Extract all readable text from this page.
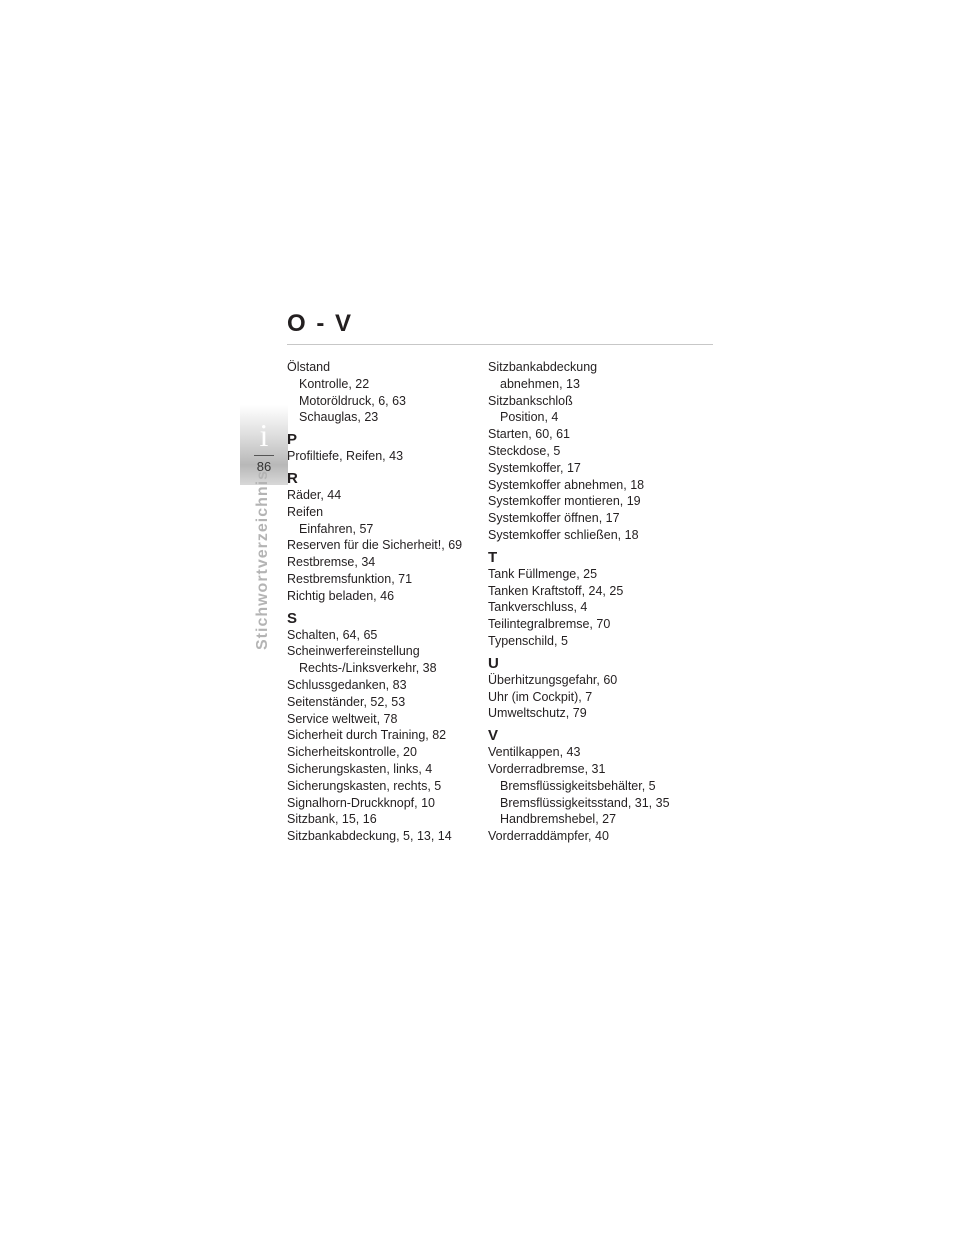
i
86
Stichwortverzeichnis
O - V
Ölstand
Kontrolle, 22
Motoröldruck, 6, 63
Schauglas, 23
P
Profiltiefe, Reifen, 43
R
Räder, 44
Reifen
Einfahren, 57
Reserven für die Sicherheit!, 69
Restbremse, 34
Restbremsfunktion, 71
Richtig beladen, 46
S
Schalten, 64, 65
Scheinwerfereinstellung
Rechts-/Linksverkehr, 38
Schlussgedanken, 83
Seitenständer, 52, 53
Service weltweit, 78
Sicherheit durch Training, 82
Sicherheitskontrolle, 20
Sicherungskasten, links, 4
Sicherungskasten, rechts, 5
Signalhorn-Druckknopf, 10
Sitzbank, 15, 16
Sitzbankabdeckung, 5, 13, 14
Sitzbankabdeckung
abnehmen, 13
Sitzbankschloß
Position, 4
Starten, 60, 61
Steckdose, 5
Systemkoffer, 17
Systemkoffer abnehmen, 18
Systemkoffer montieren, 19
Systemkoffer öffnen, 17
Systemkoffer schließen, 18
T
Tank Füllmenge, 25
Tanken Kraftstoff, 24, 25
Tankverschluss, 4
Teilintegralbremse, 70
Typenschild, 5
U
Überhitzungsgefahr, 60
Uhr (im Cockpit), 7
Umweltschutz, 79
V
Ventilkappen, 43
Vorderradbremse, 31
Bremsflüssigkeitsbehälter, 5
Bremsflüssigkeitsstand, 31, 35
Handbremshebel, 27
Vorderraddämpfer, 40
